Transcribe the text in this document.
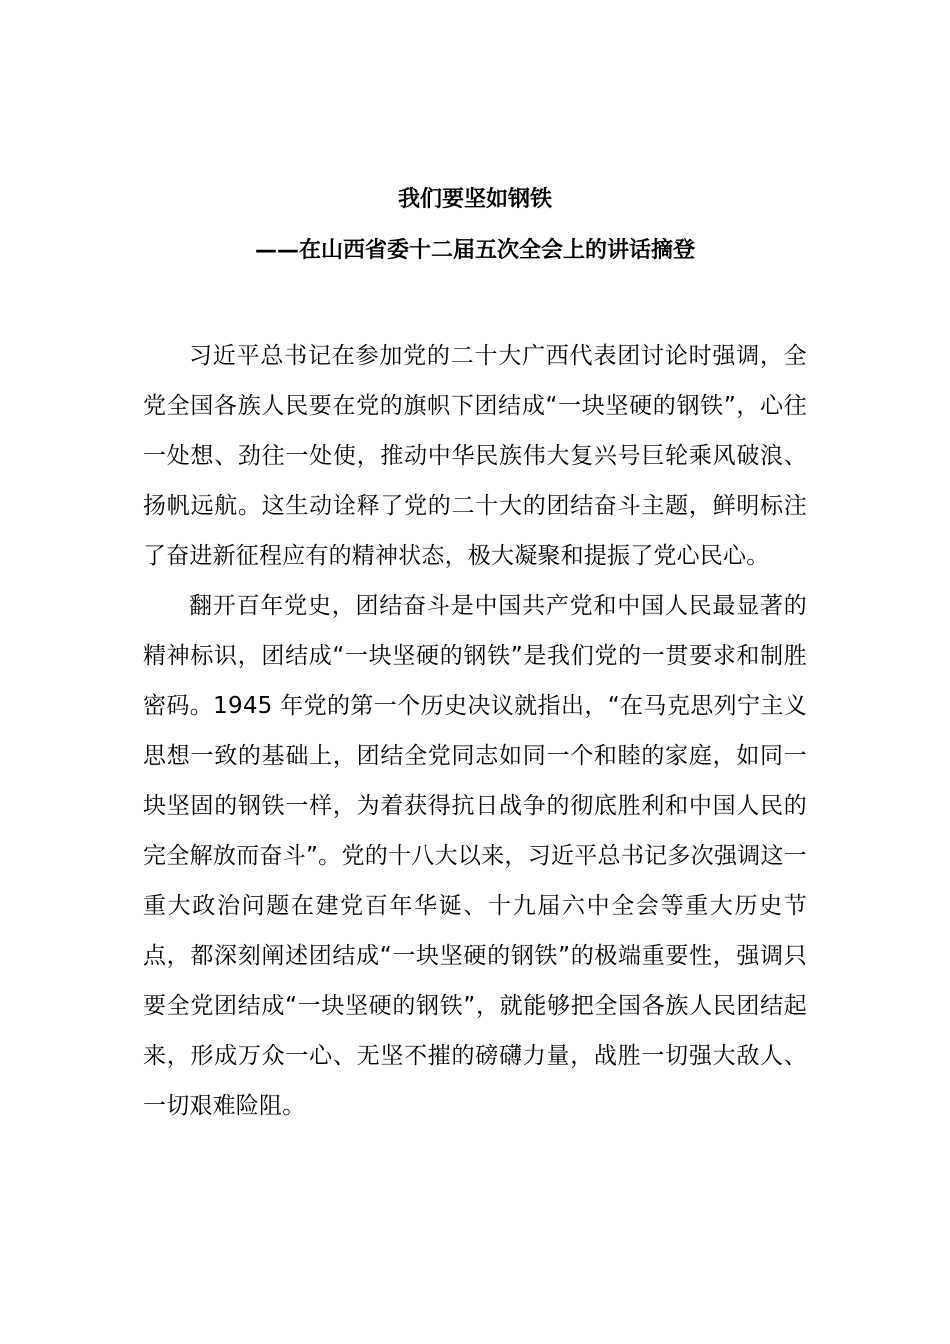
我们要坚如钢铁
——在山西省委十二届五次全会上的讲话摘登

习近平总书记在参加党的二十大广西代表团讨论时强调，全党全国各族人民要在党的旗帜下团结成“一块坚硬的钢铁”，心往一处想、劲往一处使，推动中华民族伟大复兴号巨轮乘风破浪、扬帆远航。这生动诠释了党的二十大的团结奋斗主题，鲜明标注了奋进新征程应有的精神状态，极大凝聚和提振了党心民心。

翻开百年党史，团结奋斗是中国共产党和中国人民最显著的精神标识，团结成“一块坚硬的钢铁”是我们党的一贯要求和制胜密码。1945 年党的第一个历史决议就指出，“在马克思列宁主义思想一致的基础上，团结全党同志如同一个和睦的家庭，如同一块坚固的钢铁一样，为着获得抗日战争的彻底胜利和中国人民的完全解放而奋斗”。党的十八大以来，习近平总书记多次强调这一重大政治问题在建党百年华诞、十九届六中全会等重大历史节点，都深刻阐述团结成“一块坚硬的钢铁”的极端重要性，强调只要全党团结成“一块坚硬的钢铁”，就能够把全国各族人民团结起来，形成万众一心、无坚不摧的磅礴力量，战胜一切强大敌人、一切艰难险阻。
